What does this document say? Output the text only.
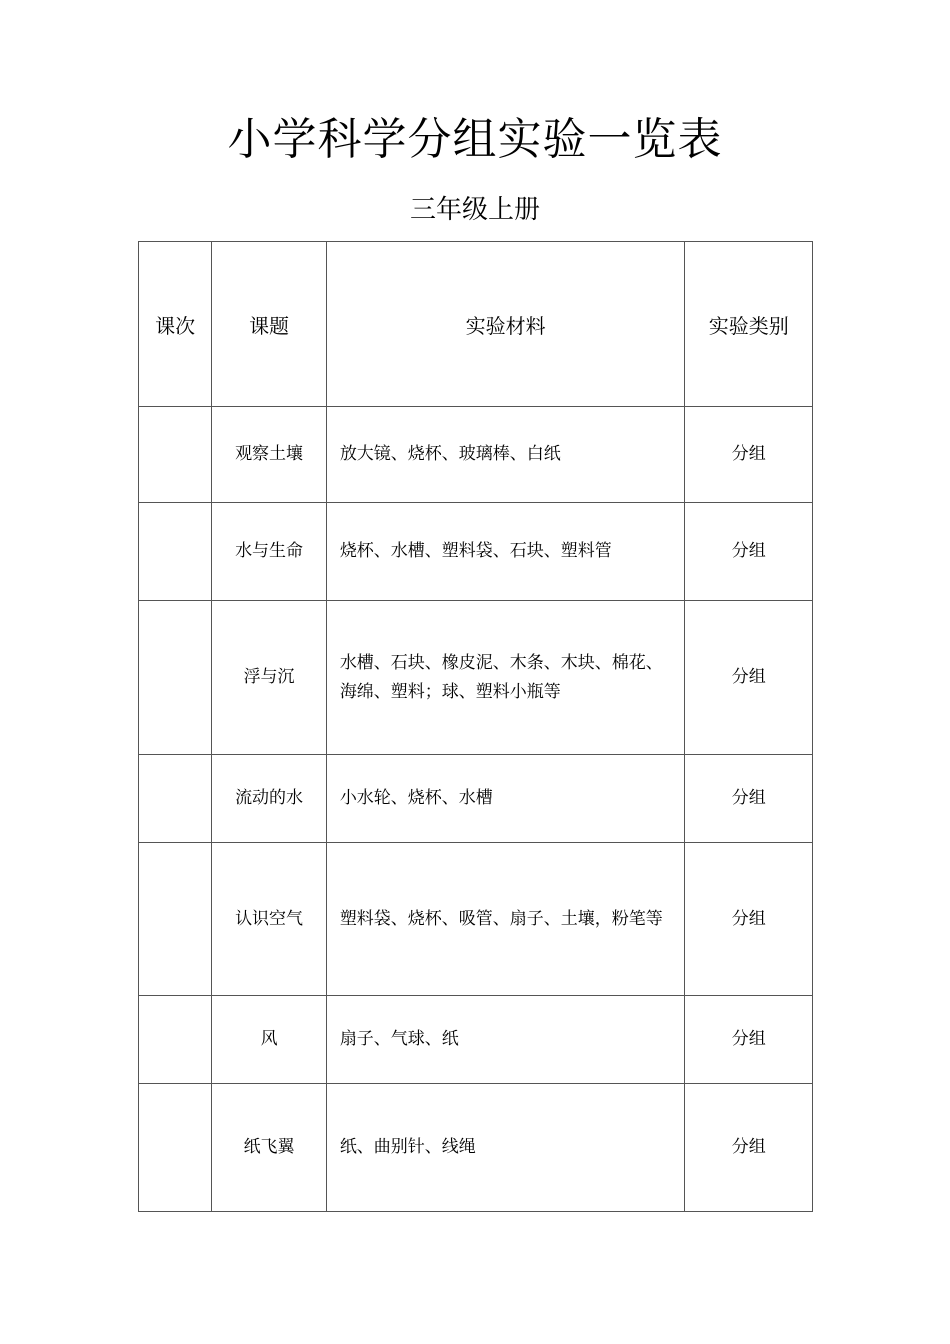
小学科学分组实验一览表
三年级上册
课次	课题	实验材料	实验类别
	观察土壤	放大镜、烧杯、玻璃棒、白纸	分组
	水与生命	烧杯、水槽、塑料袋、石块、塑料管	分组
	浮与沉	水槽、石块、橡皮泥、木条、木块、棉花、海绵、塑料；球、塑料小瓶等	分组
	流动的水	小水轮、烧杯、水槽	分组
	认识空气	塑料袋、烧杯、吸管、扇子、土壤，粉笔等	分组
	风	扇子、气球、纸	分组
	纸飞翼	纸、曲别针、线绳	分组
